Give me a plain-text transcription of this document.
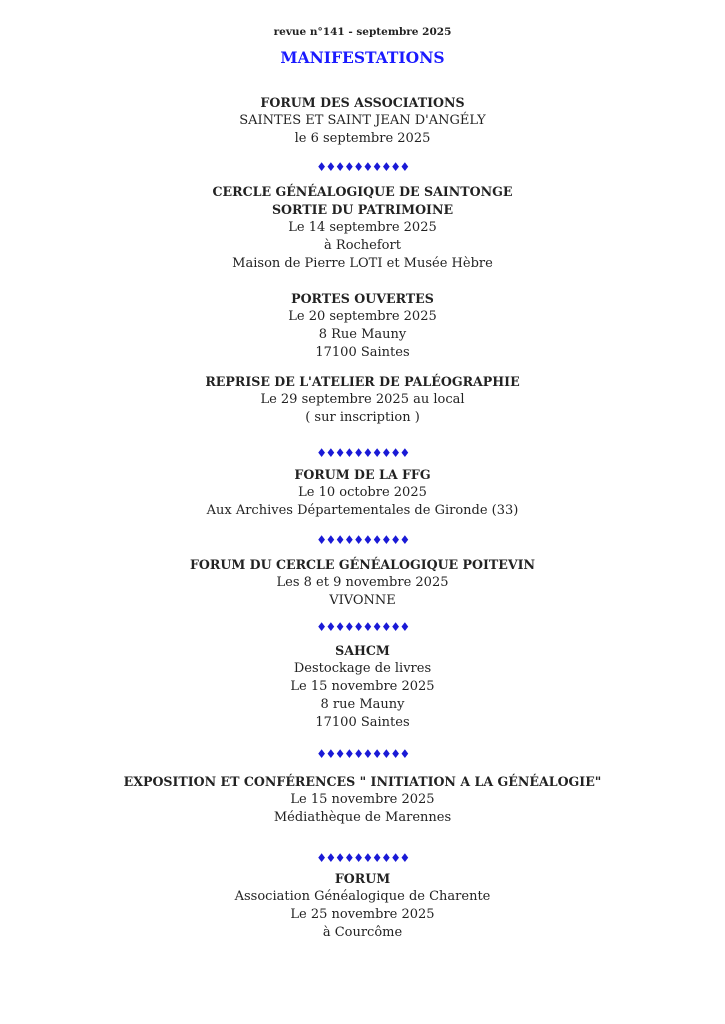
revue n°141 - septembre 2025
MANIFESTATIONS
FORUM DES ASSOCIATIONS
SAINTES ET SAINT JEAN D'ANGÉLY
le 6 septembre 2025
♦♦♦♦♦♦♦♦♦♦
CERCLE GÉNÉALOGIQUE DE SAINTONGE
SORTIE DU PATRIMOINE
Le 14 septembre 2025
à Rochefort
Maison de Pierre LOTI et Musée Hèbre
PORTES OUVERTES
Le 20 septembre 2025
8 Rue Mauny
17100 Saintes
REPRISE DE L'ATELIER DE PALÉOGRAPHIE
Le 29 septembre 2025 au local
( sur inscription )
♦♦♦♦♦♦♦♦♦♦
FORUM DE LA FFG
Le 10 octobre 2025
Aux Archives Départementales de Gironde (33)
♦♦♦♦♦♦♦♦♦♦
FORUM DU CERCLE GÉNÉALOGIQUE POITEVIN
Les 8 et 9 novembre 2025
VIVONNE
♦♦♦♦♦♦♦♦♦♦
SAHCM
Destockage de livres
Le 15 novembre 2025
8 rue Mauny
17100 Saintes
♦♦♦♦♦♦♦♦♦♦
EXPOSITION ET CONFÉRENCES " INITIATION A LA GÉNÉALOGIE"
Le 15 novembre 2025
Médiathèque de Marennes
♦♦♦♦♦♦♦♦♦♦
FORUM
Association Généalogique de Charente
Le 25 novembre 2025
à Courcôme
